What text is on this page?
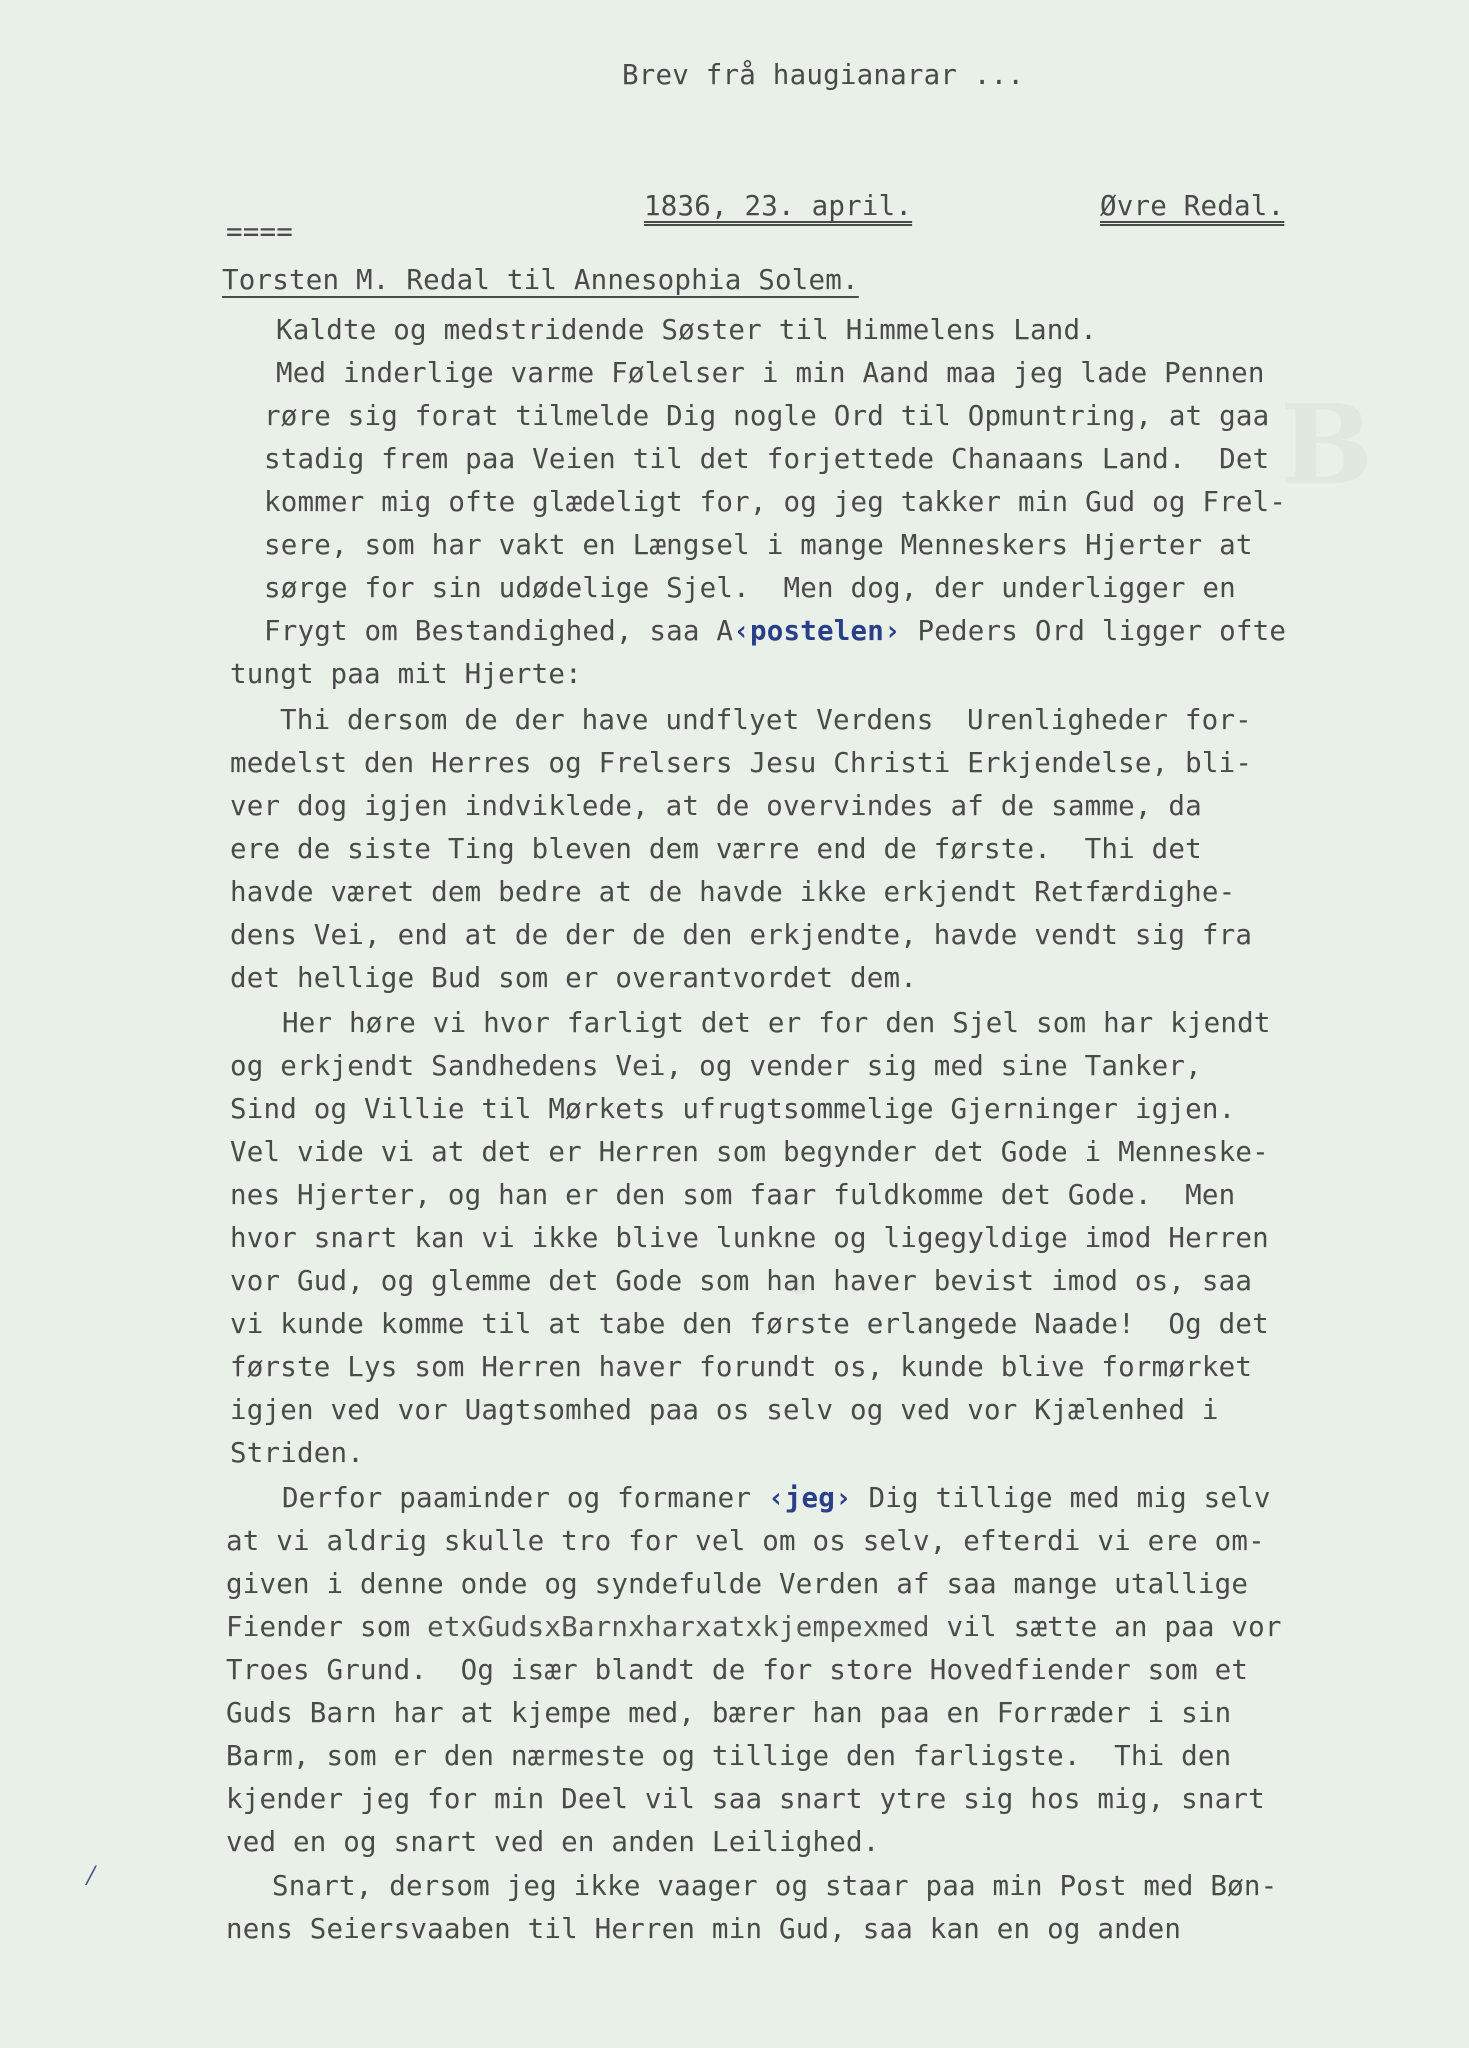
B
.
Brev frå haugianarar ...
1836, 23. april.	Øvre Redal.
====
Torsten M. Redal til Annesophia Solem.
Kaldte og medstridende Søster til Himmelens Land.
Med inderlige varme Følelser i min Aand maa jeg lade Pennen
røre sig forat tilmelde Dig nogle Ord til Opmuntring, at gaa
stadig frem paa Veien til det forjettede Chanaans Land.  Det
kommer mig ofte glædeligt for, og jeg takker min Gud og Frel-
sere, som har vakt en Længsel i mange Menneskers Hjerter at
sørge for sin udødelige Sjel.  Men dog, der underligger en
Frygt om Bestandighed, saa A‹postelen› Peders Ord ligger ofte
tungt paa mit Hjerte:
Thi dersom de der have undflyet Verdens  Urenligheder for-
medelst den Herres og Frelsers Jesu Christi Erkjendelse, bli-
ver dog igjen indviklede, at de overvindes af de samme, da
ere de siste Ting bleven dem værre end de første.  Thi det
havde været dem bedre at de havde ikke erkjendt Retfærdighe-
dens Vei, end at de der de den erkjendte, havde vendt sig fra
det hellige Bud som er overantvordet dem.
Her høre vi hvor farligt det er for den Sjel som har kjendt
og erkjendt Sandhedens Vei, og vender sig med sine Tanker,
Sind og Villie til Mørkets ufrugtsommelige Gjerninger igjen.
Vel vide vi at det er Herren som begynder det Gode i Menneske-
nes Hjerter, og han er den som faar fuldkomme det Gode.  Men
hvor snart kan vi ikke blive lunkne og ligegyldige imod Herren
vor Gud, og glemme det Gode som han haver bevist imod os, saa
vi kunde komme til at tabe den første erlangede Naade!  Og det
første Lys som Herren haver forundt os, kunde blive formørket
igjen ved vor Uagtsomhed paa os selv og ved vor Kjælenhed i
Striden.
Derfor paaminder og formaner ‹jeg› Dig tillige med mig selv
at vi aldrig skulle tro for vel om os selv, efterdi vi ere om-
given i denne onde og syndefulde Verden af saa mange utallige
Fiender som etxGudsxBarnxharxatxkjempexmed vil sætte an paa vor
Troes Grund.  Og især blandt de for store Hovedfiender som et
Guds Barn har at kjempe med, bærer han paa en Forræder i sin
Barm, som er den nærmeste og tillige den farligste.  Thi den
kjender jeg for min Deel vil saa snart ytre sig hos mig, snart
ved en og snart ved en anden Leilighed.
Snart, dersom jeg ikke vaager og staar paa min Post med Bøn-
nens Seiersvaaben til Herren min Gud, saa kan en og anden
⁄
